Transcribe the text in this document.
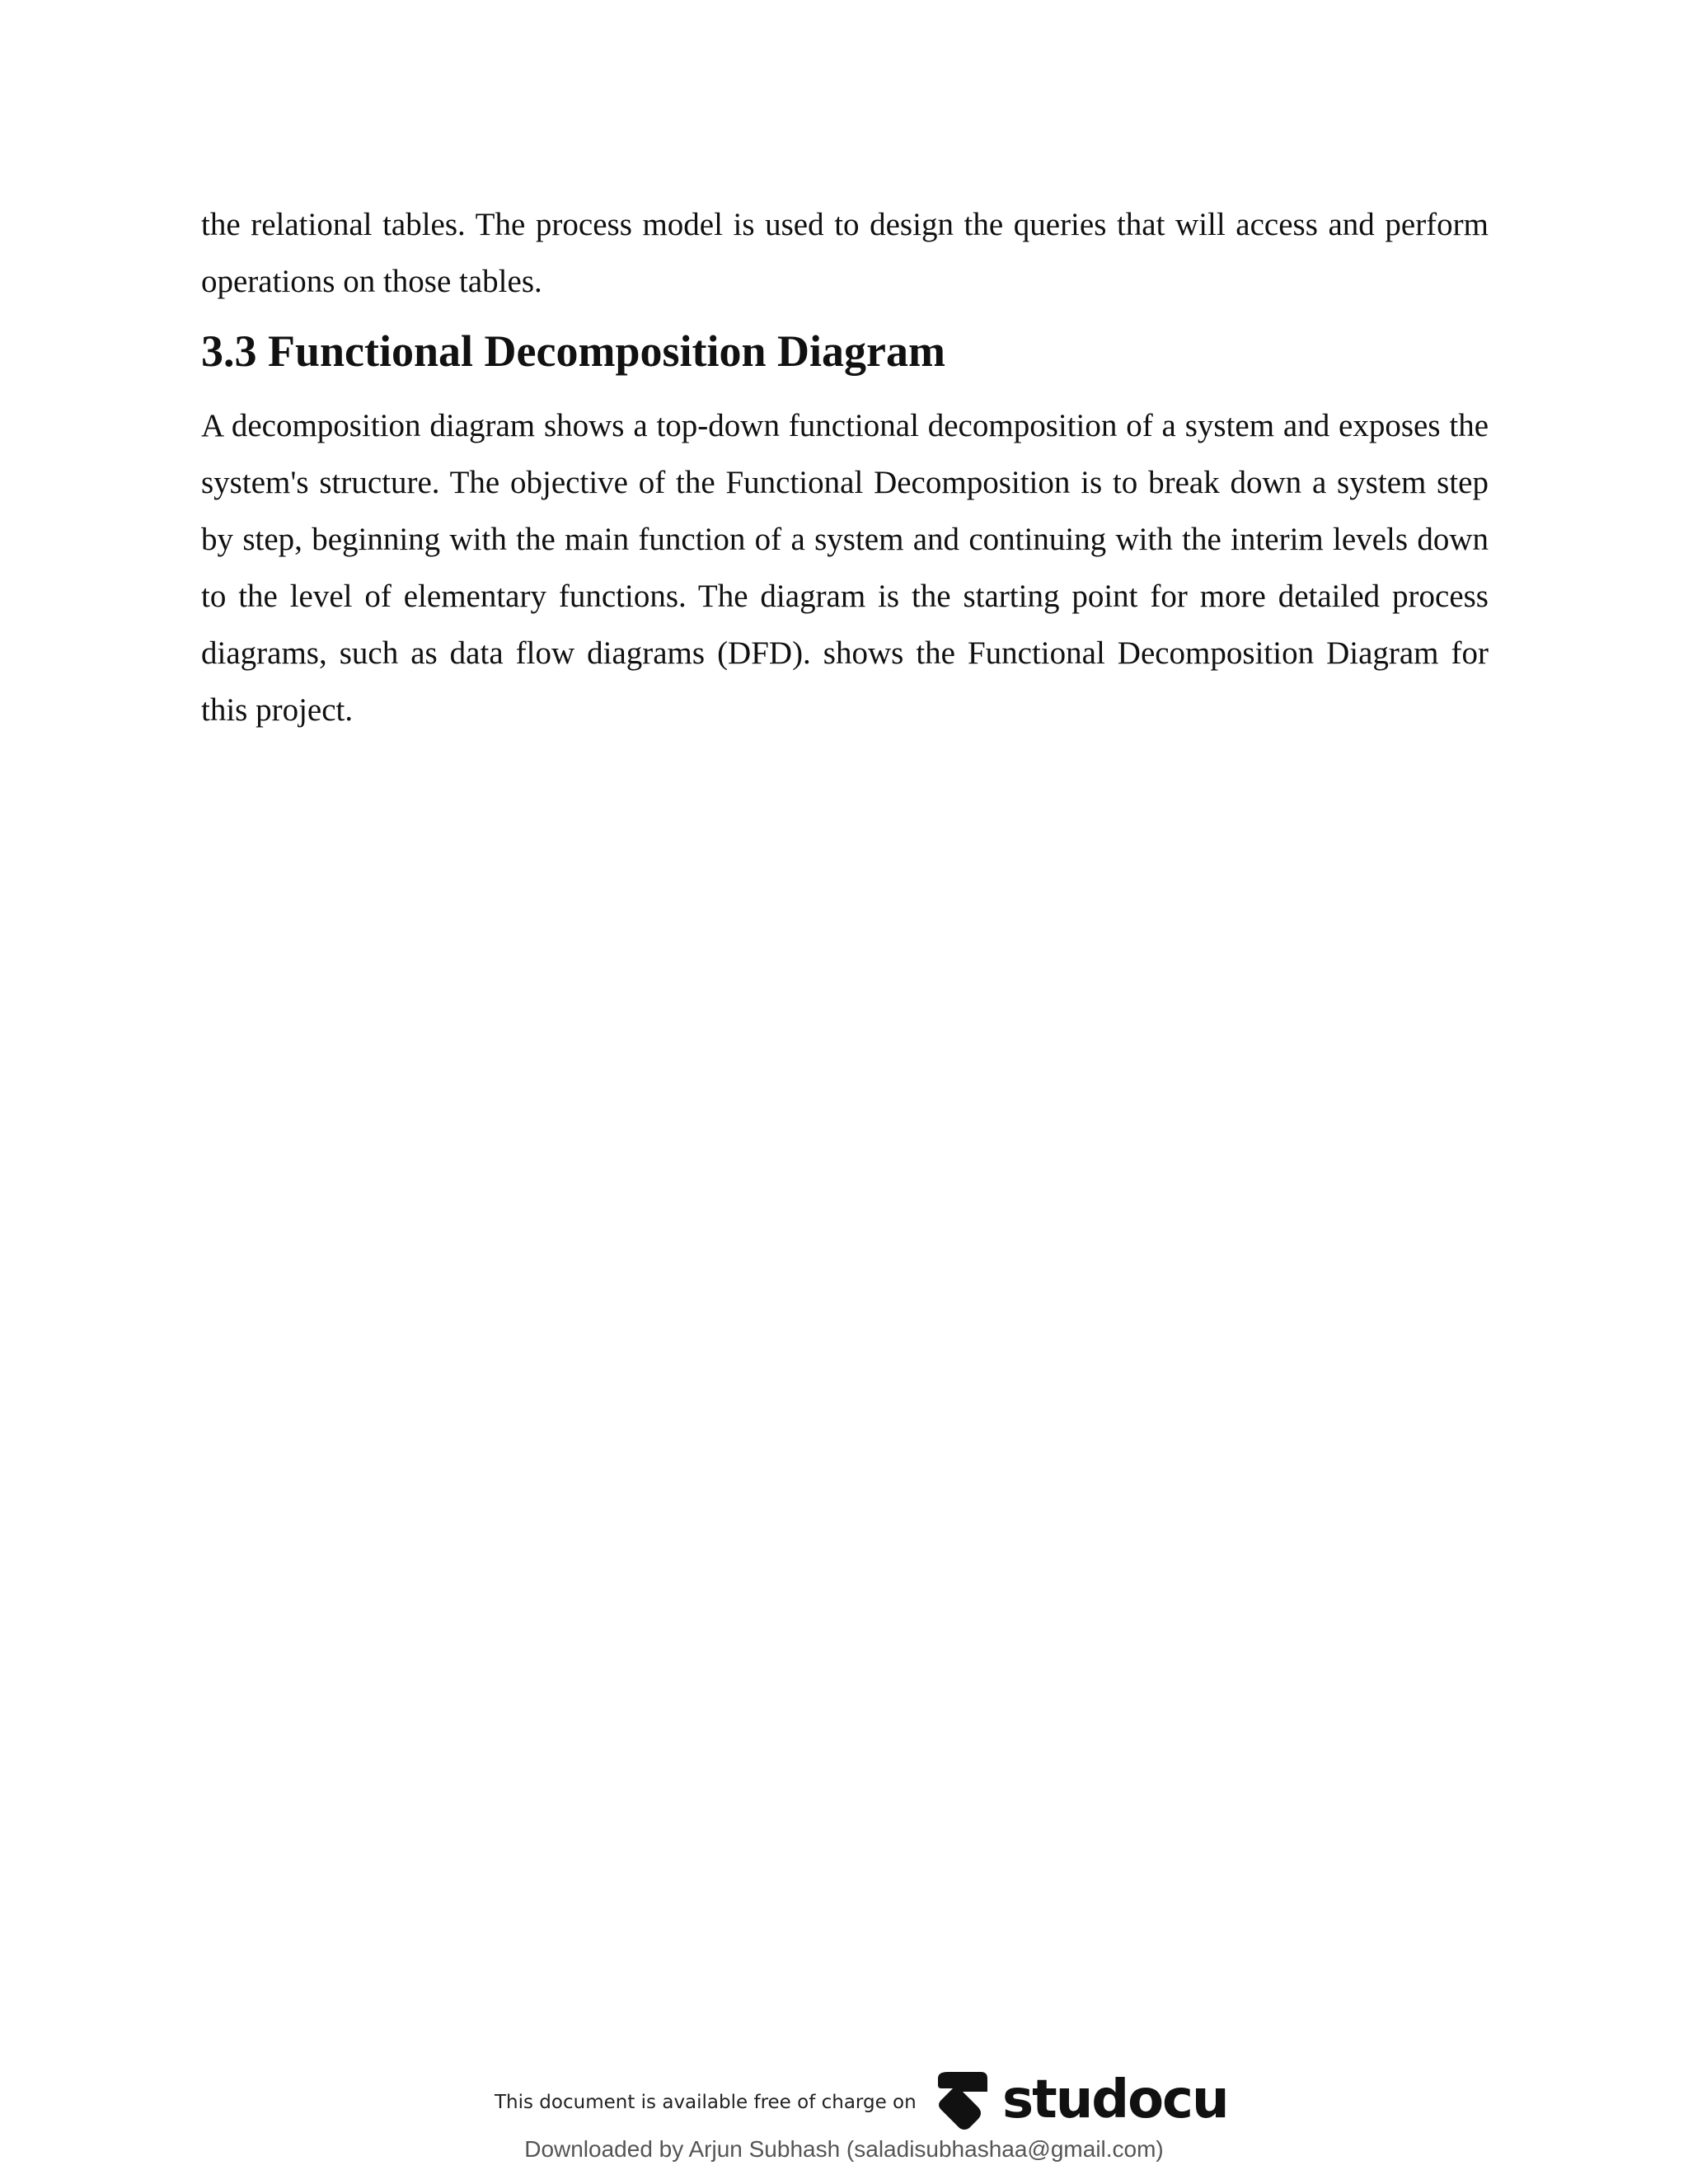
the relational tables. The process model is used to design the queries that will access and perform operations on those tables.

3.3 Functional Decomposition Diagram

A decomposition diagram shows a top-down functional decomposition of a system and exposes the system's structure. The objective of the Functional Decomposition is to break down a system step by step, beginning with the main function of a system and continuing with the interim levels down to the level of elementary functions. The diagram is the starting point for more detailed process diagrams, such as data flow diagrams (DFD). shows the Functional Decomposition Diagram for this project.

This document is available free of charge on studocu
Downloaded by Arjun Subhash (saladisubhashaa@gmail.com)
